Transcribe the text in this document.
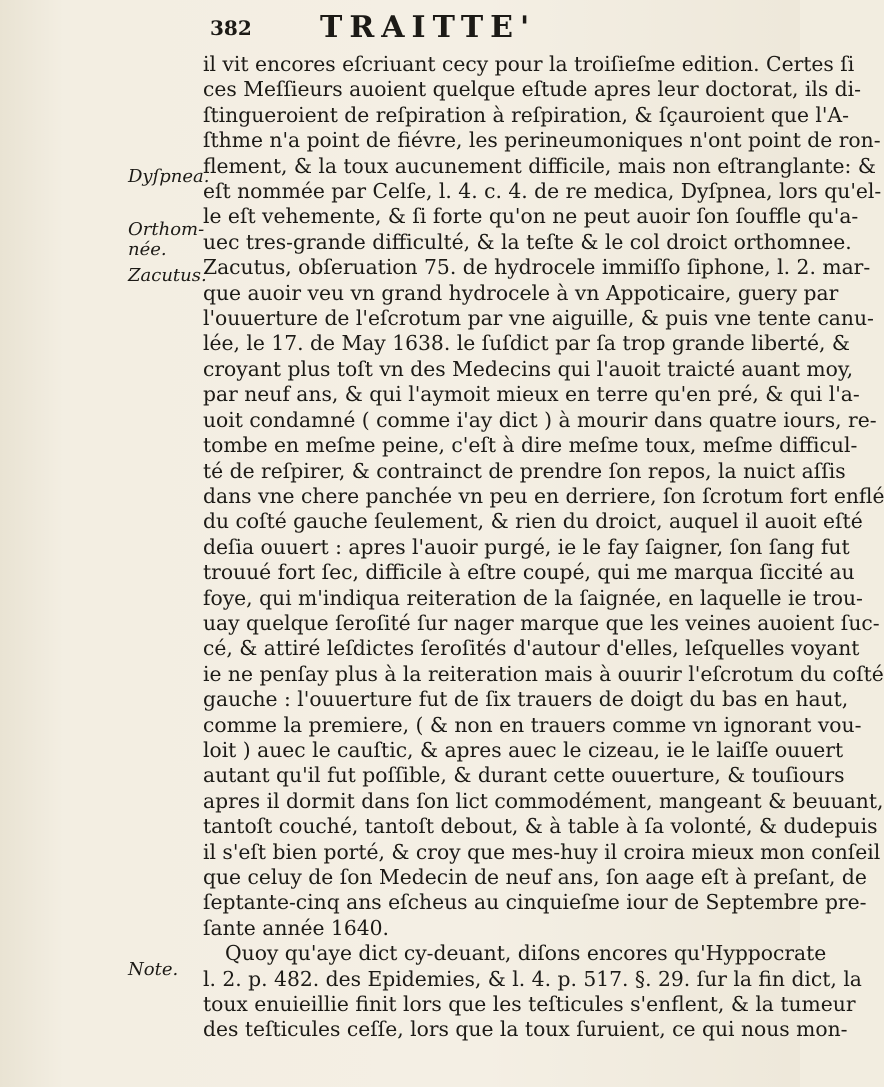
382 TRAITTE'
Dyſpnea.
Orthom-
née.
Zacutus.
Note.
il vit encores eſcriuant cecy pour la troiſieſme edition. Certes ſi
ces Meſſieurs auoient quelque eſtude apres leur doctorat, ils di-
ſtingueroient de reſpiration à reſpiration, & ſçauroient que l'A-
ſthme n'a point de fiévre, les perineumoniques n'ont point de ron-
flement, & la toux aucunement difficile, mais non eſtranglante: &
eſt nommée par Celſe, l. 4. c. 4. de re medica, Dyſpnea, lors qu'el-
le eſt vehemente, & ſi forte qu'on ne peut auoir ſon ſouffle qu'a-
uec tres-grande difficulté, & la teſte & le col droict orthomnee.
Zacutus, obſeruation 75. de hydrocele immiſſo ſiphone, l. 2. mar-
que auoir veu vn grand hydrocele à vn Appoticaire, guery par
l'ouuerture de l'eſcrotum par vne aiguille, & puis vne tente canu-
lée, le 17. de May 1638. le ſuſdict par ſa trop grande liberté, &
croyant plus toſt vn des Medecins qui l'auoit traicté auant moy,
par neuf ans, & qui l'aymoit mieux en terre qu'en pré, & qui l'a-
uoit condamné ( comme i'ay dict ) à mourir dans quatre iours, re-
tombe en meſme peine, c'eſt à dire meſme toux, meſme difficul-
té de reſpirer, & contrainct de prendre ſon repos, la nuict aſſis
dans vne chere panchée vn peu en derriere, ſon ſcrotum fort enflé
du coſté gauche ſeulement, & rien du droict, auquel il auoit eſté
deſia ouuert : apres l'auoir purgé, ie le fay ſaigner, ſon ſang fut
trouué fort ſec, difficile à eſtre coupé, qui me marqua ſiccité au
foye, qui m'indiqua reiteration de la ſaignée, en laquelle ie trou-
uay quelque ſeroſité ſur nager marque que les veines auoient ſuc-
cé, & attiré leſdictes ſeroſités d'autour d'elles, leſquelles voyant
ie ne penſay plus à la reiteration mais à ouurir l'eſcrotum du coſté
gauche : l'ouuerture fut de ſix trauers de doigt du bas en haut,
comme la premiere, ( & non en trauers comme vn ignorant vou-
loit ) auec le cauſtic, & apres auec le cizeau, ie le laiſſe ouuert
autant qu'il fut poſſible, & durant cette ouuerture, & touſiours
apres il dormit dans ſon lict commodément, mangeant & beuuant,
tantoſt couché, tantoſt debout, & à table à ſa volonté, & dudepuis
il s'eſt bien porté, & croy que mes-huy il croira mieux mon conſeil
que celuy de ſon Medecin de neuf ans, ſon aage eſt à preſant, de
ſeptante-cinq ans eſcheus au cinquieſme iour de Septembre pre-
ſante année 1640.
Quoy qu'aye dict cy-deuant, diſons encores qu'Hyppocrate
l. 2. p. 482. des Epidemies, & l. 4. p. 517. §. 29. ſur la fin dict, la
toux enuieillie finit lors que les teſticules s'enflent, & la tumeur
des teſticules ceſſe, lors que la toux ſuruient, ce qui nous mon-
